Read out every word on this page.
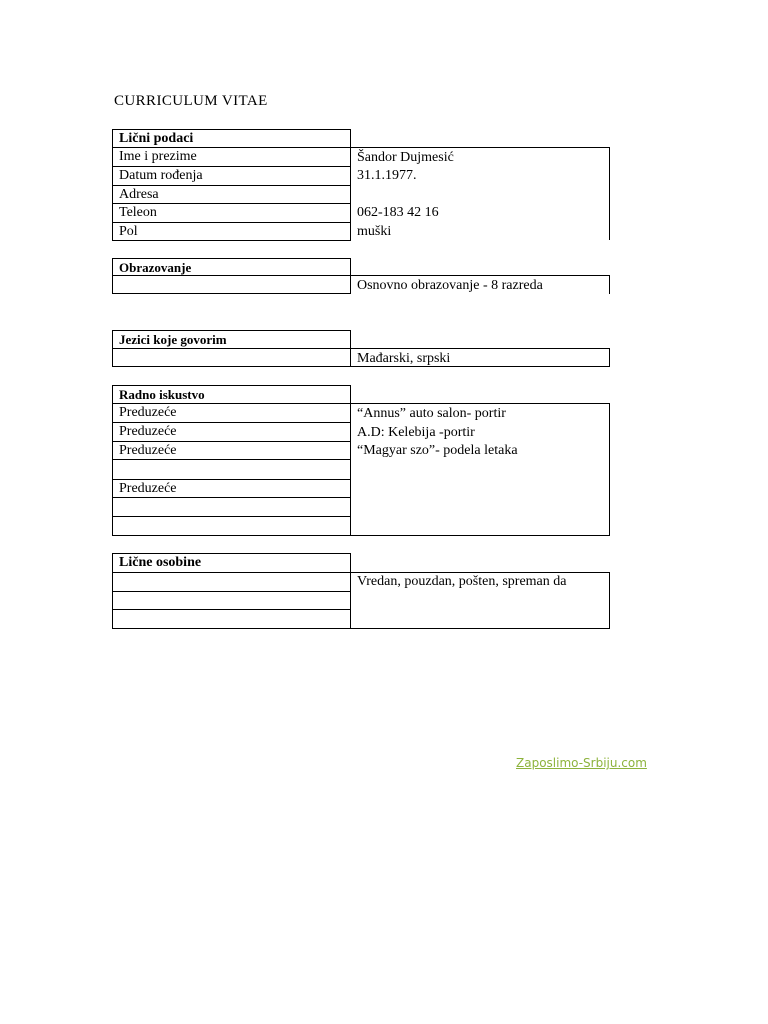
CURRICULUM VITAE
Lični podaci
Ime i prezime
Datum rođenja
Adresa
Teleon
Pol
Šandor Dujmesić
31.1.1977.
062-183 42 16
muški
Obrazovanje
Osnovno obrazovanje - 8 razreda
Jezici koje govorim
Mađarski, srpski
Radno iskustvo
Preduzeće
Preduzeće
Preduzeće
Preduzeće
“Annus” auto salon- portir
A.D: Kelebija -portir
“Magyar szo”- podela letaka
Lične osobine
Vredan, pouzdan, pošten, spreman da
Zaposlimo-Srbiju.com
